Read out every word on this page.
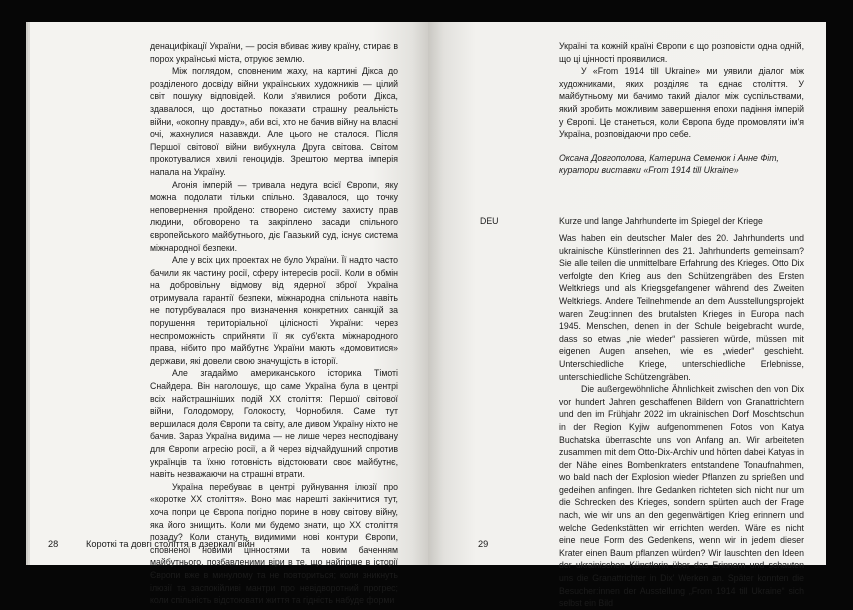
денацифікації України, — росія вбиває живу країну, стирає в порох українські міста, отруює землю.

Між поглядом, сповненим жаху, на картині Дікса до розділеного досвіду війни українських художників — цілий світ пошуку відповідей. Коли з'явилися роботи Дікса, здавалося, що достатньо показати страшну реальність війни, «окопну правду», аби всі, хто не бачив війну на власні очі, жахнулися назавжди. Але цього не сталося. Після Першої світової війни вибухнула Друга світова. Світом прокотувалися хвилі геноцидів. Зрештою мертва імперія напала на Україну.

Агонія імперій — тривала недуга всієї Європи, яку можна подолати тільки спільно. Здавалося, що точку неповернення пройдено: створено систему захисту прав людини, обговорено та закріплено засади спільного європейського майбутнього, діє Гаазький суд, існує система міжнародної безпеки.

Але у всіх цих проектах не було України. Її надто часто бачили як частину росії, сферу інтересів росії. Коли в обмін на добровільну відмову від ядерної зброї Україна отримувала гарантії безпеки, міжнародна спільнота навіть не потурбувалася про визначення конкретних санкцій за порушення територіальної цілісності України: через неспроможність сприйняти її як суб'єкта міжнародного права, нібито про майбутнє України мають «домовитися» держави, які довели свою значущість в історії.

Але згадаймо американського історика Тімоті Снайдера. Він наголошує, що саме Україна була в центрі всіх найстрашніших подій XX століття: Першої світової війни, Голодомору, Голокосту, Чорнобиля. Саме тут вершилася доля Європи та світу, але дивом Україну ніхто не бачив. Зараз Україна видима — не лише через несподівану для Європи агресію росії, а й через відчайдушний спротив українців та їхню готовність відстоювати своє майбутнє, навіть незважаючи на страшні втрати.

Україна перебуває в центрі руйнування ілюзії про «коротке XX століття». Воно має нарешті закінчитися тут, хоча попри це Європа погідно порине в нову світову війну, яка його знищить. Коли ми будемо знати, що XX століття позаду? Коли стануть видимими нові контури Європи, сповненої новими цінностями та новим баченням майбутнього, позбавленими віри в те, що найгірше в історії Європи вже в минулому та не повториться; коли зникнуть ілюзії та заспокійливі мантри про невідворотний прогрес; коли спільність відстоювати життя та гідність набуде форми

28	Короткі та довгі століття в дзеркалі війн

Україні та кожній країні Європи є що розповісти одна одній, що ці цінності проявилися.

У «From 1914 till Ukraine» ми уявили діалог між художниками, яких розділяє та єднає століття. У майбутньому ми бачимо такий діалог між суспільствами, який зробить можливим завершення епохи падіння імперій у Європі. Це станеться, коли Європа буде промовляти ім'я Україна, розповідаючи про себе.

Оксана Довгополова, Катерина Семенюк і Анне Фіт, куратори виставки «From 1914 till Ukraine»

DEU	Kurze und lange Jahrhunderte im Spiegel der Kriege

Was haben ein deutscher Maler des 20. Jahrhunderts und ukrainische Künstlerinnen des 21. Jahrhunderts gemeinsam? Sie alle teilen die unmittelbare Erfahrung des Krieges. Otto Dix verfolgte den Krieg aus den Schützengräben des Ersten Weltkriegs und als Kriegsgefangener während des Zweiten Weltkriegs. Andere Teilnehmende an dem Ausstellungsprojekt waren Zeug:innen des brutalsten Krieges in Europa nach 1945. Menschen, denen in der Schule beigebracht wurde, dass so etwas „nie wieder“ passieren würde, müssen mit eigenen Augen ansehen, wie es „wieder“ geschieht. Unterschiedliche Kriege, unterschiedliche Erlebnisse, unterschiedliche Schützengräben.

Die außergewöhnliche Ähnlichkeit zwischen den von Dix vor hundert Jahren geschaffenen Bildern von Granattrichtern und den im Frühjahr 2022 im ukrainischen Dorf Moschtschun in der Region Kyjiw aufgenommenen Fotos von Katya Buchatska überraschte uns von Anfang an. Wir arbeiteten zusammen mit dem Otto-Dix-Archiv und hörten dabei Katyas in der Nähe eines Bombenkraters entstandene Tonaufnahmen, wo bald nach der Explosion wieder Pflanzen zu sprießen und gedeihen anfingen. Ihre Gedanken richteten sich nicht nur um die Schrecken des Krieges, sondern spürten auch der Frage nach, wie wir uns an den gegenwärtigen Krieg erinnern und welche Gedenkstätten wir errichten werden. Wäre es nicht eine neue Form des Gedenkens, wenn wir in jedem dieser Krater einen Baum pflanzen würden? Wir lauschten den Ideen der ukrainischen Künstlerin über das Erinnern und schauten uns die Granattrichter in Dix' Werken an. Später konnten die Besucher:innen der Ausstellung „From 1914 till Ukraine“ sich selbst ein Bild

29
